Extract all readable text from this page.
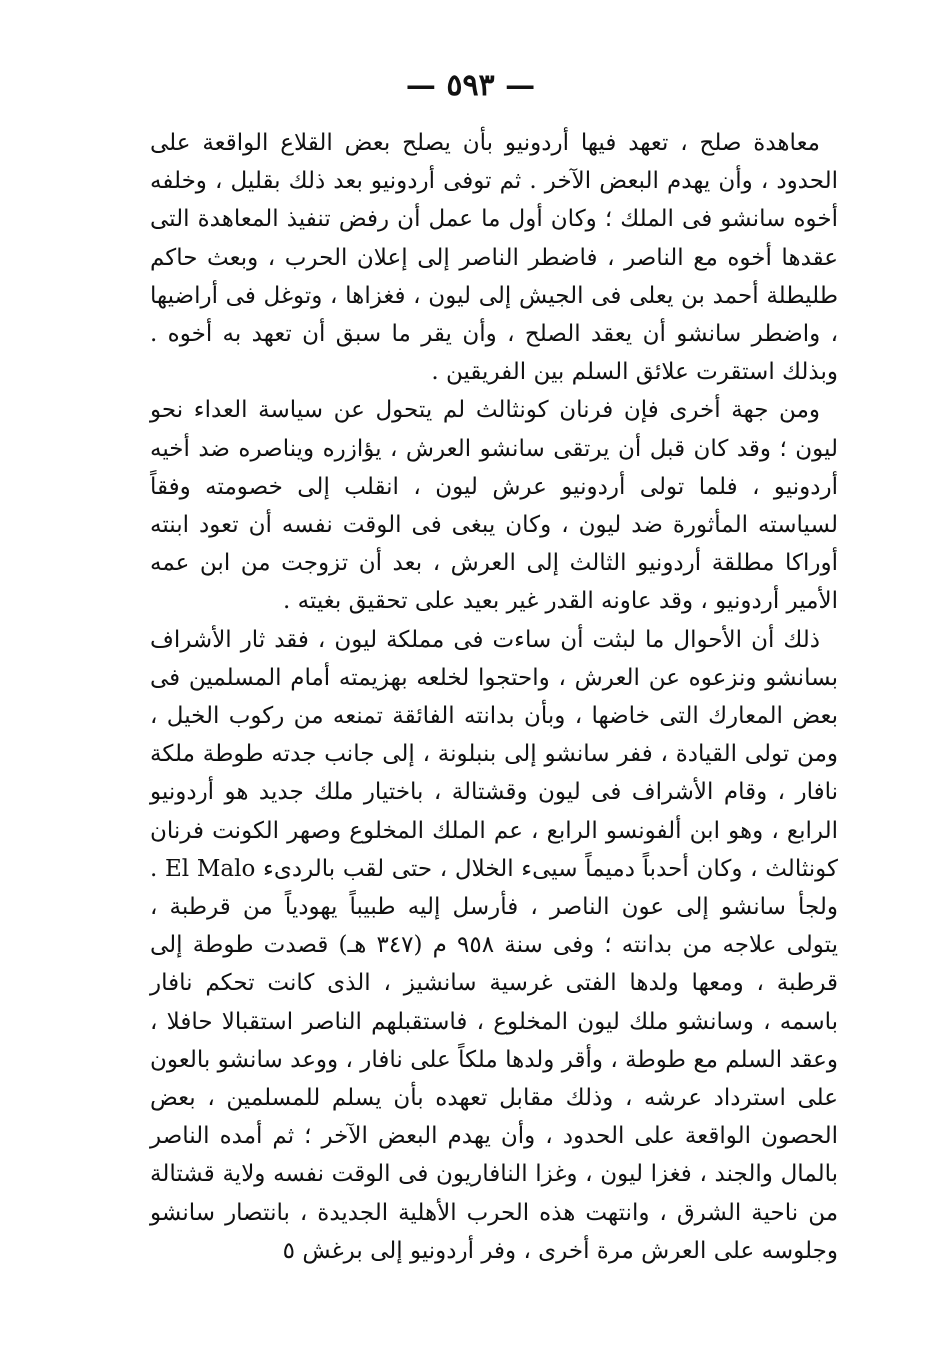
— ٥٩٣ —

معاهدة صلح ، تعهد فيها أردونيو بأن يصلح بعض القلاع الواقعة على الحدود ، وأن يهدم البعض الآخر . ثم توفى أردونيو بعد ذلك بقليل ، وخلفه أخوه سانشو فى الملك ؛ وكان أول ما عمل أن رفض تنفيذ المعاهدة التى عقدها أخوه مع الناصر ، فاضطر الناصر إلى إعلان الحرب ، وبعث حاكم طليطلة أحمد بن يعلى فى الجيش إلى ليون ، فغزاها ، وتوغل فى أراضيها ، واضطر سانشو أن يعقد الصلح ، وأن يقر ما سبق أن تعهد به أخوه . وبذلك استقرت علائق السلم بين الفريقين .

ومن جهة أخرى فإن فرنان كونثالث لم يتحول عن سياسة العداء نحو ليون ؛ وقد كان قبل أن يرتقى سانشو العرش ، يؤازره ويناصره ضد أخيه أردونيو ، فلما تولى أردونيو عرش ليون ، انقلب إلى خصومته وفقاً لسياسته المأثورة ضد ليون ، وكان يبغى فى الوقت نفسه أن تعود ابنته أوراكا مطلقة أردونيو الثالث إلى العرش ، بعد أن تزوجت من ابن عمه الأمير أردونيو ، وقد عاونه القدر غير بعيد على تحقيق بغيته .

ذلك أن الأحوال ما لبثت أن ساءت فى مملكة ليون ، فقد ثار الأشراف بسانشو ونزعوه عن العرش ، واحتجوا لخلعه بهزيمته أمام المسلمين فى بعض المعارك التى خاضها ، وبأن بدانته الفائقة تمنعه من ركوب الخيل ، ومن تولى القيادة ، ففر سانشو إلى بنبلونة ، إلى جانب جدته طوطة ملكة نافار ، وقام الأشراف فى ليون وقشتالة ، باختيار ملك جديد هو أردونيو الرابع ، وهو ابن ألفونسو الرابع ، عم الملك المخلوع وصهر الكونت فرنان كونثالث ، وكان أحدباً دميماً سيىء الخلال ، حتى لقب بالردىء El Malo . ولجأ سانشو إلى عون الناصر ، فأرسل إليه طبيباً يهودياً من قرطبة ، يتولى علاجه من بدانته ؛ وفى سنة ٩٥٨ م (٣٤٧ هـ) قصدت طوطة إلى قرطبة ، ومعها ولدها الفتى غرسية سانشيز ، الذى كانت تحكم نافار باسمه ، وسانشو ملك ليون المخلوع ، فاستقبلهم الناصر استقبالا حافلا ، وعقد السلم مع طوطة ، وأقر ولدها ملكاً على نافار ، ووعد سانشو بالعون على استرداد عرشه ، وذلك مقابل تعهده بأن يسلم للمسلمين ، بعض الحصون الواقعة على الحدود ، وأن يهدم البعض الآخر ؛ ثم أمده الناصر بالمال والجند ، فغزا ليون ، وغزا النافاريون فى الوقت نفسه ولاية قشتالة من ناحية الشرق ، وانتهت هذه الحرب الأهلية الجديدة ، بانتصار سانشو وجلوسه على العرش مرة أخرى ، وفر أردونيو إلى برغش ٥
